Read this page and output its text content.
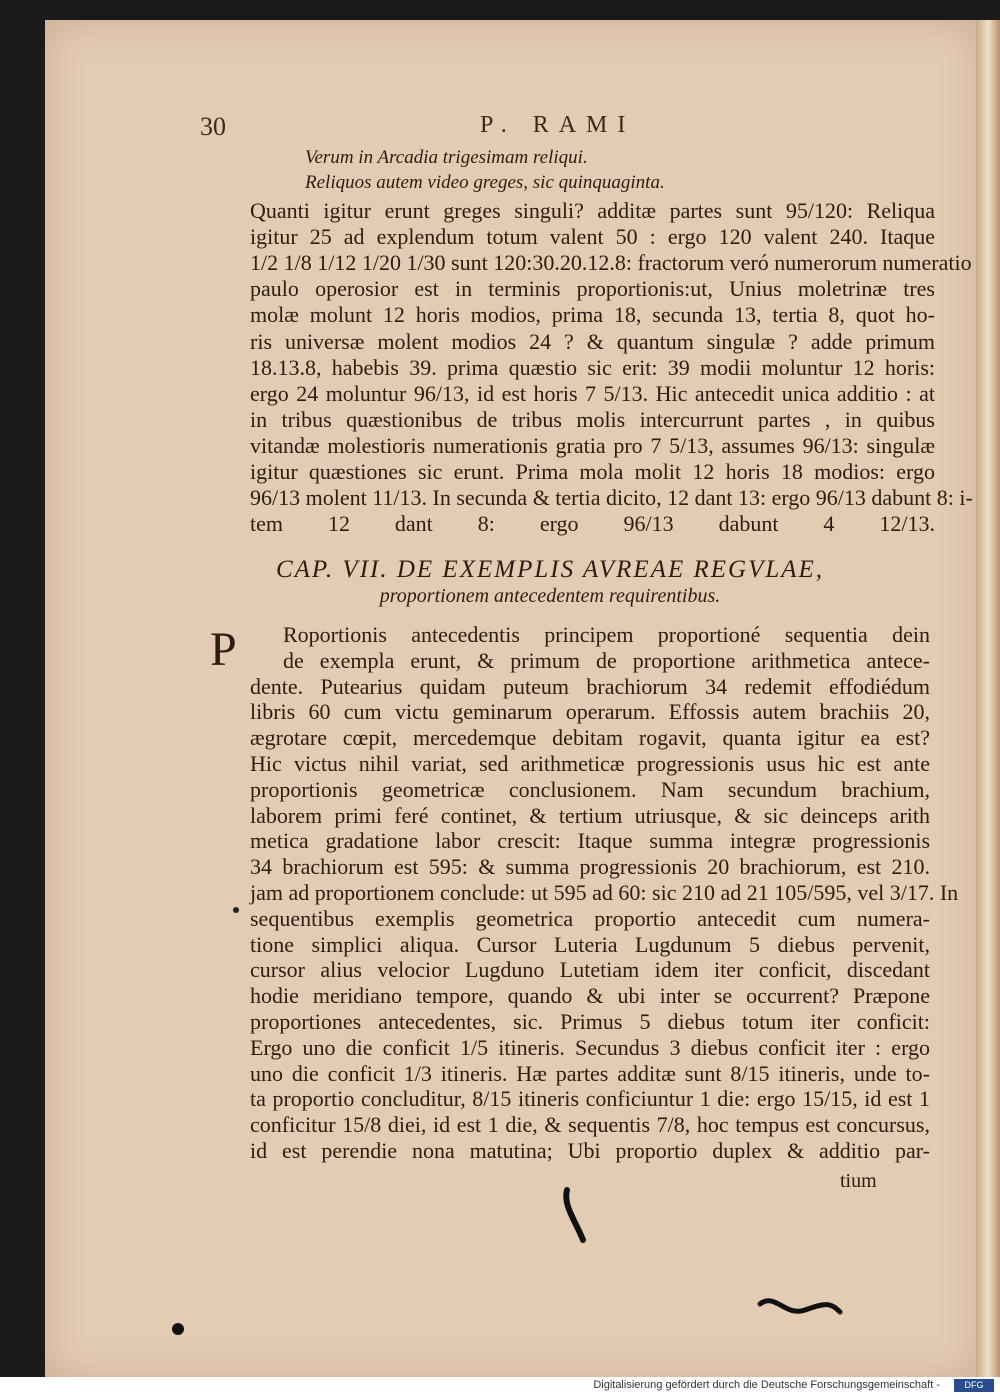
30	P. RAMI
Verum in Arcadia trigesimam reliqui.
Reliquos autem video greges, sic quinquaginta.
Quanti igitur erunt greges singuli? additæ partes sunt 95/120: Reliqua
igitur 25 ad explendum totum valent 50 : ergo 120 valent 240. Itaque
1/2 1/8 1/12 1/20 1/30 sunt 120:30.20.12.8: fractorum veró numerorum numeratio
paulo operosior est in terminis proportionis:ut, Unius moletrinæ tres
molæ molunt 12 horis modios, prima 18, secunda 13, tertia 8, quot ho-
ris universæ molent modios 24 ? & quantum singulæ ? adde primum
18.13.8, habebis 39. prima quæstio sic erit: 39 modii moluntur 12 horis:
ergo 24 moluntur 96/13, id est horis 7 5/13. Hic antecedit unica additio : at
in tribus quæstionibus de tribus molis intercurrunt partes , in quibus
vitandæ molestioris numerationis gratia pro 7 5/13, assumes 96/13: singulæ
igitur quæstiones sic erunt. Prima mola molit 12 horis 18 modios: ergo
96/13 molent 11/13. In secunda & tertia dicito, 12 dant 13: ergo 96/13 dabunt 8: i-
tem 12 dant 8: ergo 96/13 dabunt 4 12/13.
CAP. VII. DE EXEMPLIS AVREAE REGVLAE,
proportionem antecedentem requirentibus.
P Roportionis antecedentis principem proportioné sequentia dein
de exempla erunt, & primum de proportione arithmetica antece-
dente. Putearius quidam puteum brachiorum 34 redemit effodiédum
libris 60 cum victu geminarum operarum. Effossis autem brachiis 20,
ægrotare cœpit, mercedemque debitam rogavit, quanta igitur ea est?
Hic victus nihil variat, sed arithmeticæ progressionis usus hic est ante
proportionis geometricæ conclusionem. Nam secundum brachium,
laborem primi feré continet, & tertium utriusque, & sic deinceps arith
metica gradatione labor crescit: Itaque summa integræ progressionis
34 brachiorum est 595: & summa progressionis 20 brachiorum, est 210.
jam ad proportionem conclude: ut 595 ad 60: sic 210 ad 21 105/595, vel 3/17. In
sequentibus exemplis geometrica proportio antecedit cum numera-
tione simplici aliqua. Cursor Luteria Lugdunum 5 diebus pervenit,
cursor alius velocior Lugduno Lutetiam idem iter conficit, discedant
hodie meridiano tempore, quando & ubi inter se occurrent? Præpone
proportiones antecedentes, sic. Primus 5 diebus totum iter conficit:
Ergo uno die conficit 1/5 itineris. Secundus 3 diebus conficit iter : ergo
uno die conficit 1/3 itineris. Hæ partes additæ sunt 8/15 itineris, unde to-
ta proportio concluditur, 8/15 itineris conficiuntur 1 die: ergo 15/15, id est 1
conficitur 15/8 diei, id est 1 die, & sequentis 7/8, hoc tempus est concursus,
id est perendie nona matutina; Ubi proportio duplex & additio par-
tium
Digitalisierung gefördert durch die Deutsche Forschungsgemeinschaft -	DFG
